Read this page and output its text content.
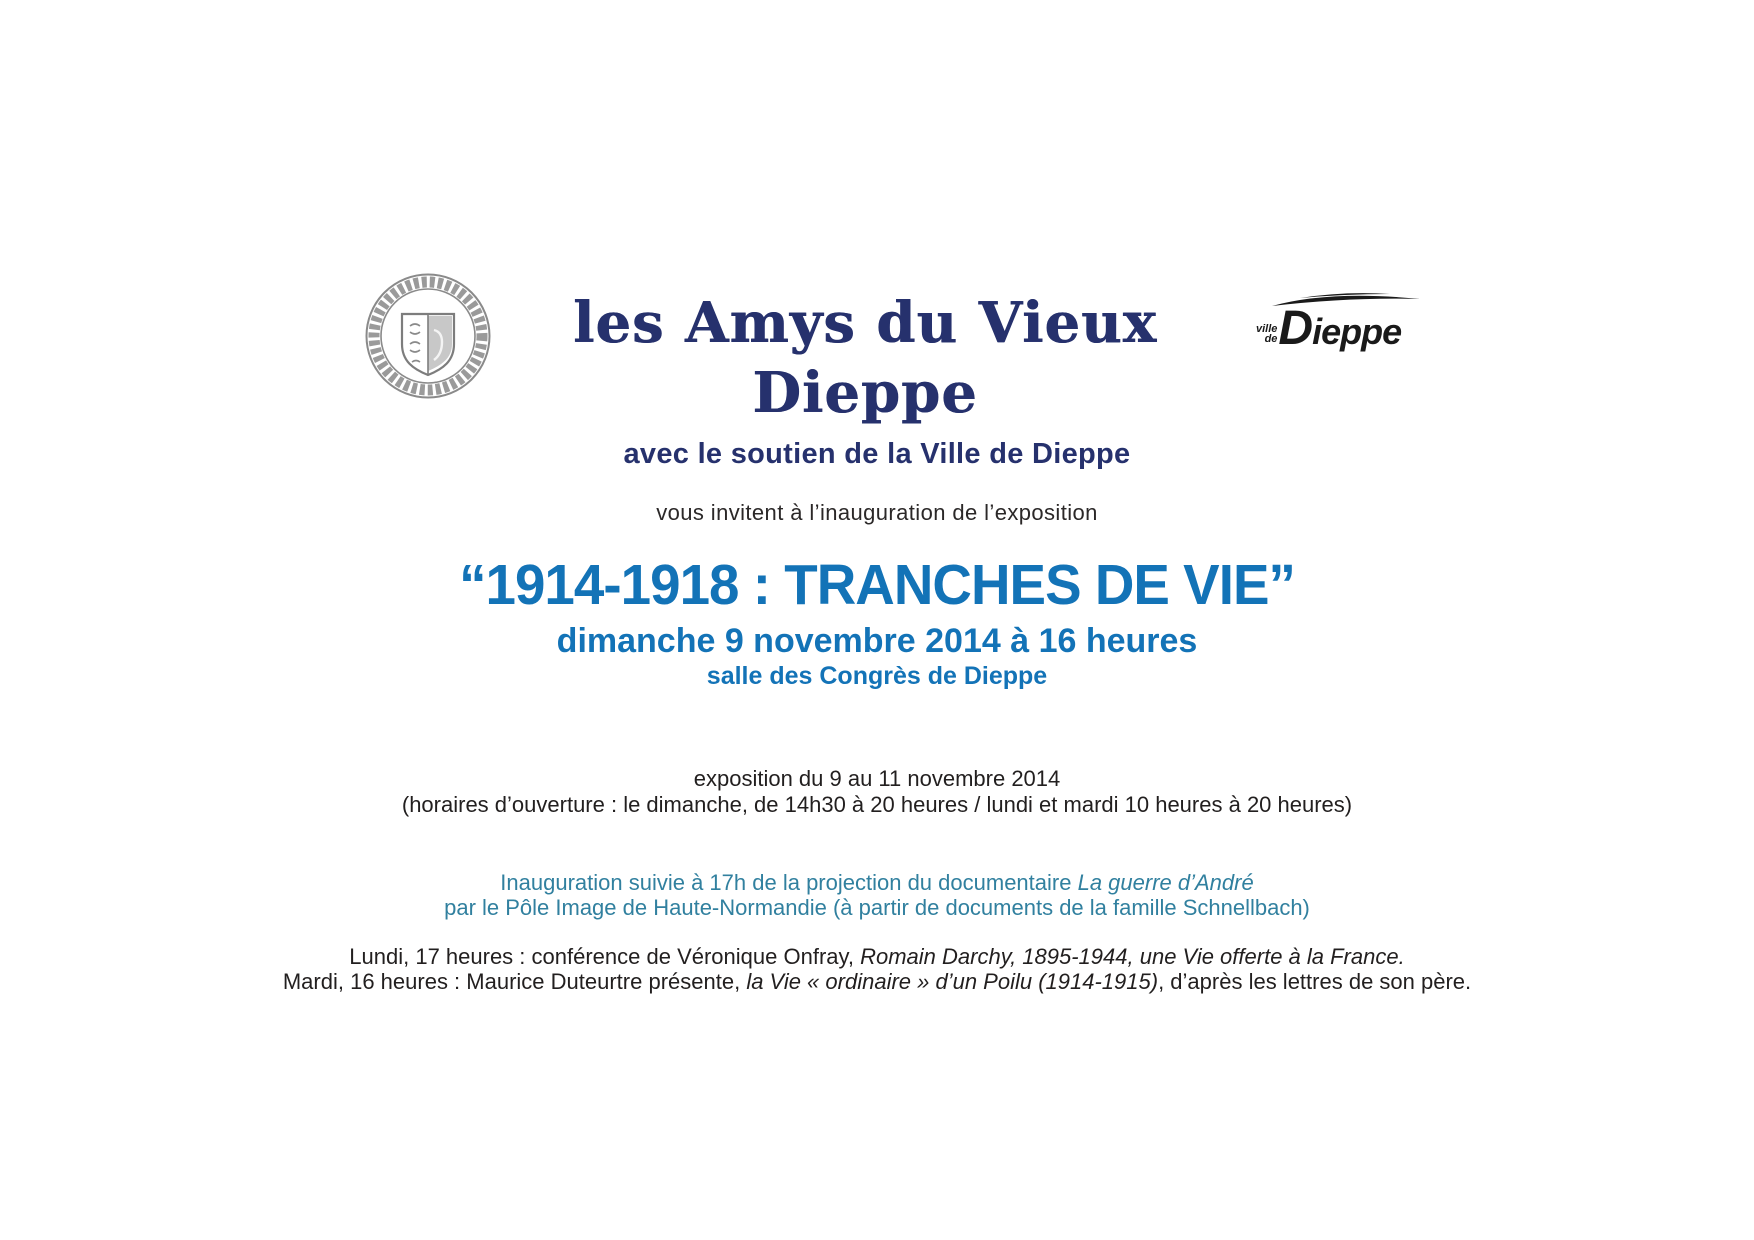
les Amys du Vieux Dieppe
ville
de Dieppe
avec le soutien de la Ville de Dieppe
vous invitent à l’inauguration de l’exposition
“1914-1918 : TRANCHES DE VIE”
dimanche 9 novembre 2014 à 16 heures
salle des Congrès de Dieppe
exposition du 9 au 11 novembre 2014
(horaires d’ouverture : le dimanche, de 14h30 à 20 heures / lundi et mardi 10 heures à 20 heures)
Inauguration suivie à 17h de la projection du documentaire La guerre d’André
par le Pôle Image de Haute-Normandie (à partir de documents de la famille Schnellbach)
Lundi, 17 heures : conférence de Véronique Onfray, Romain Darchy, 1895-1944, une Vie offerte à la France.
Mardi, 16 heures : Maurice Duteurtre présente, la Vie « ordinaire » d’un Poilu (1914-1915), d’après les lettres de son père.
